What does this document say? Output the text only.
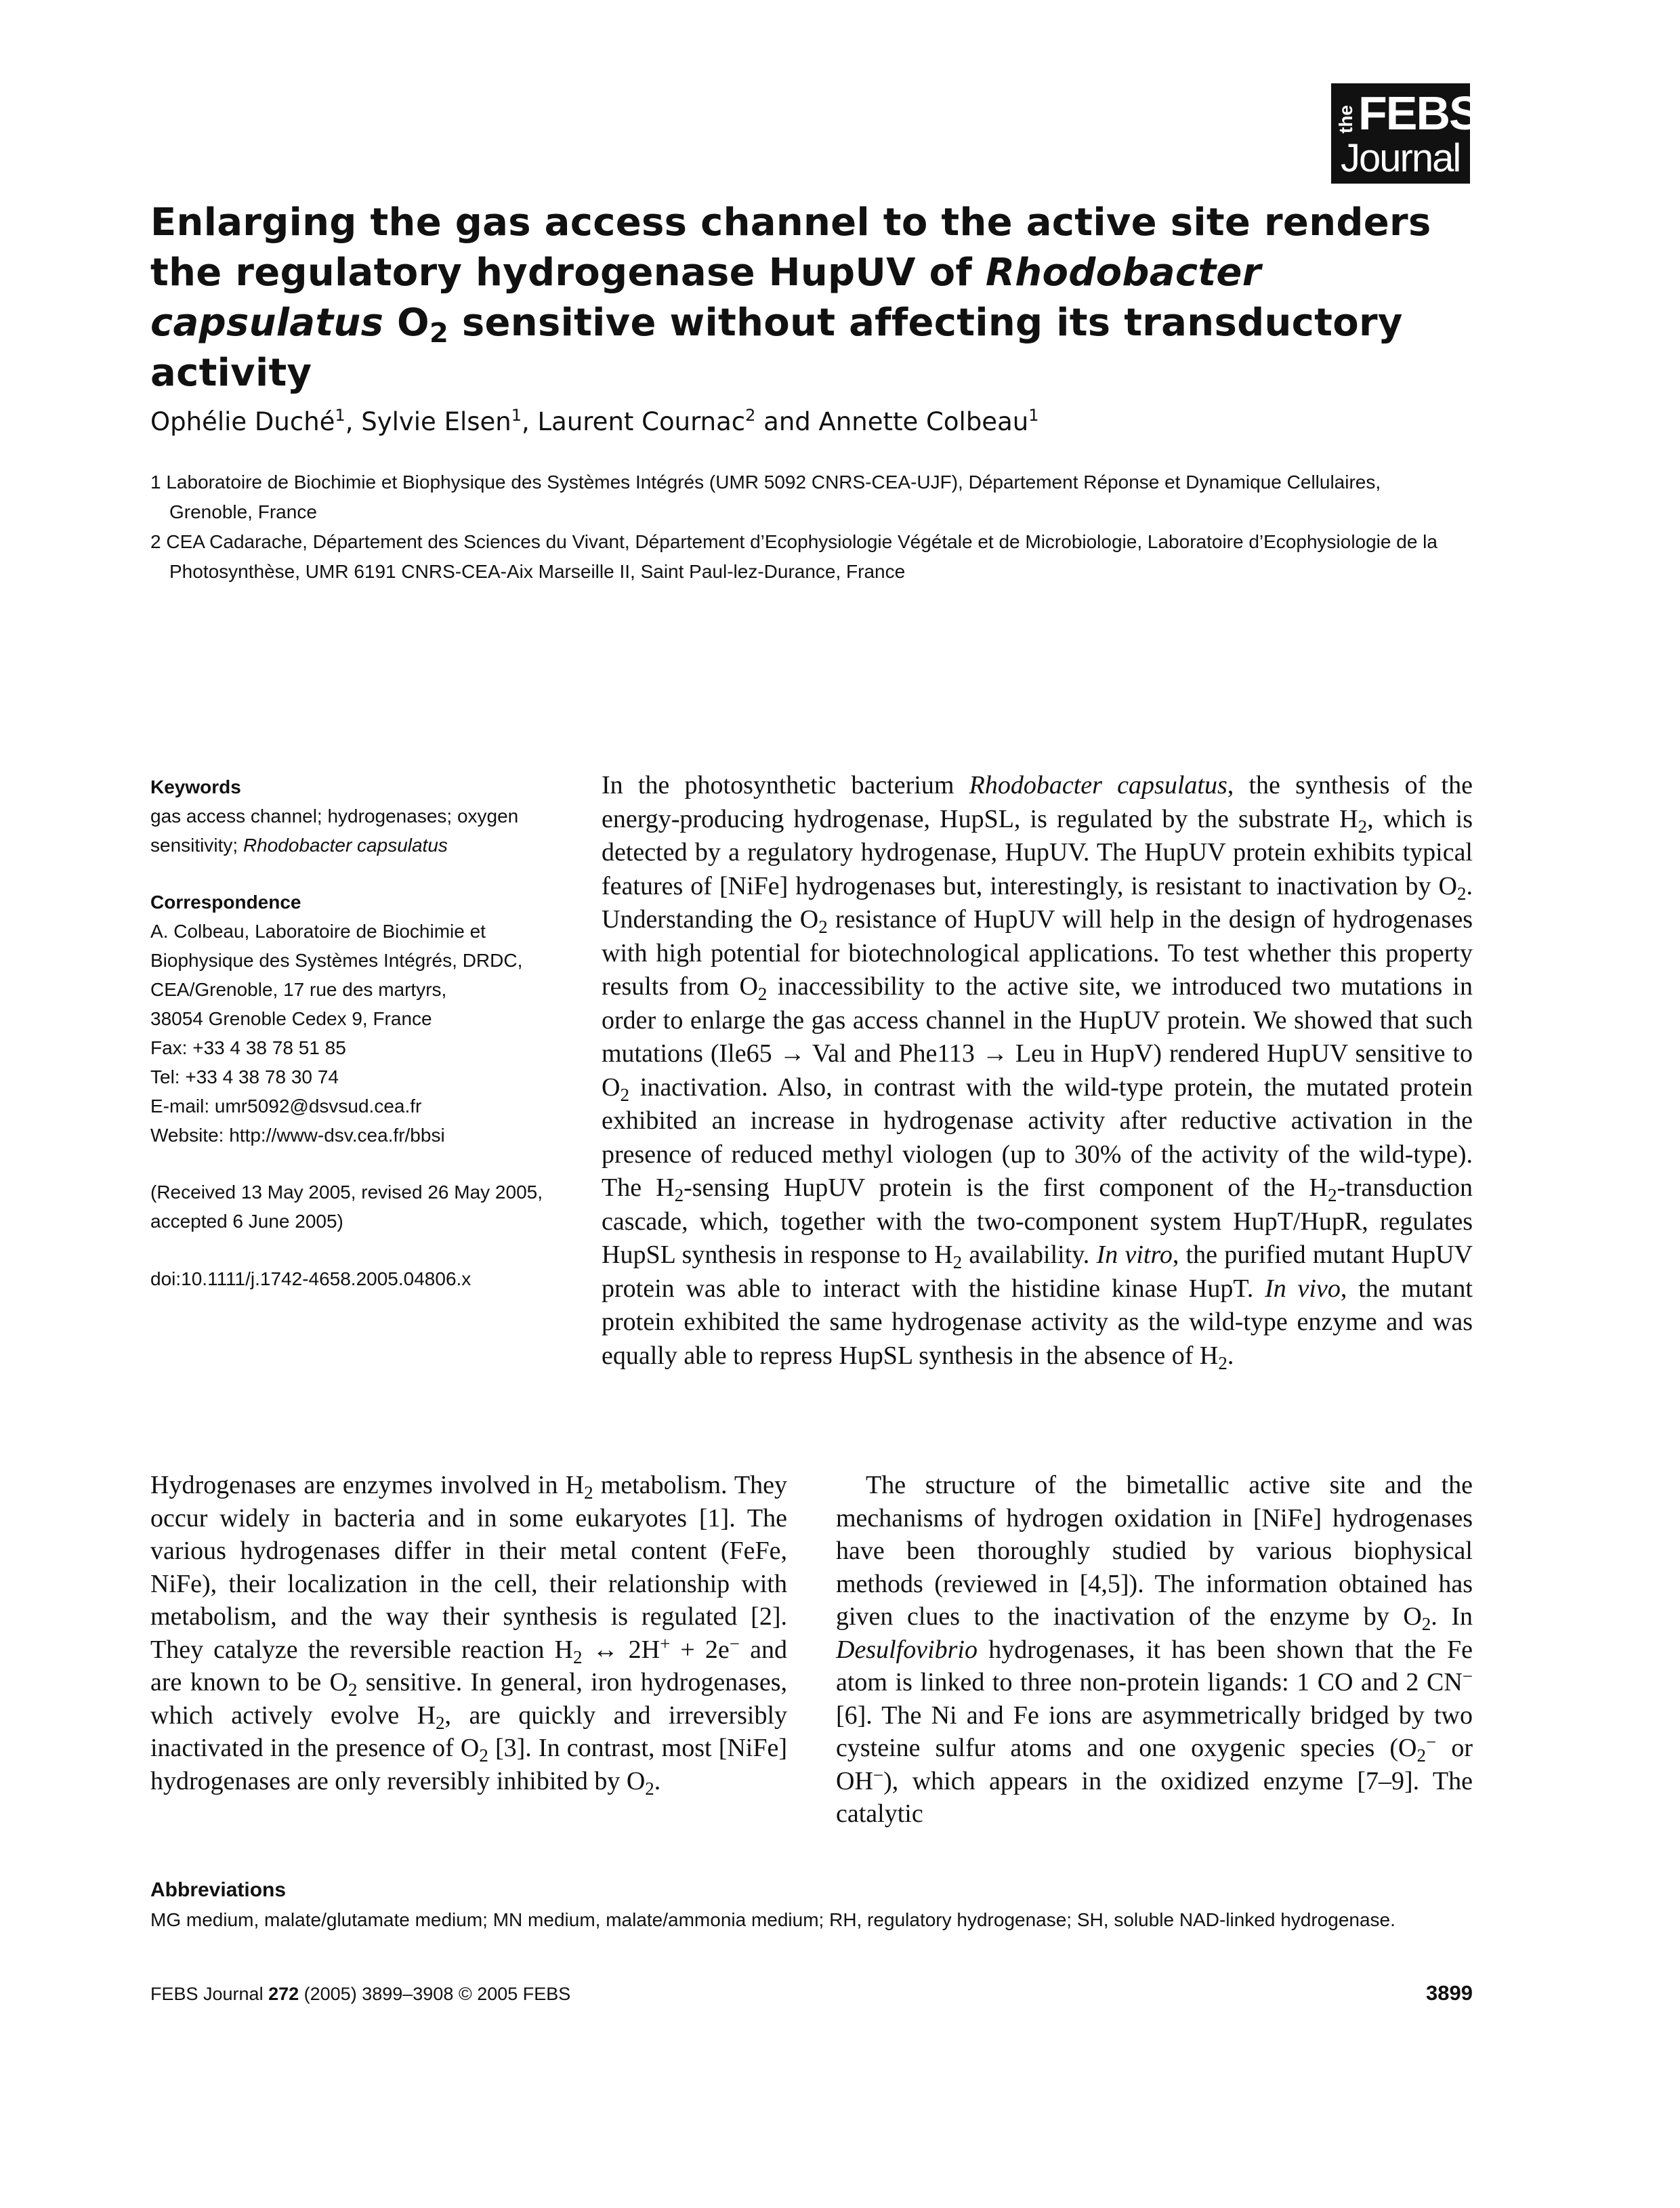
the FEBS
Journal
Enlarging the gas access channel to the active site renders the regulatory hydrogenase HupUV of Rhodobacter capsulatus $O_2$ sensitive without affecting its transductory activity
Ophélie Duché$^1$, Sylvie Elsen$^1$, Laurent Cournac$^2$ and Annette Colbeau$^1$
1 Laboratoire de Biochimie et Biophysique des Systèmes Intégrés (UMR 5092 CNRS-CEA-UJF), Département Réponse et Dynamique Cellulaires, Grenoble, France
2 CEA Cadarache, Département des Sciences du Vivant, Département d’Ecophysiologie Végétale et de Microbiologie, Laboratoire d’Ecophysiologie de la Photosynthèse, UMR 6191 CNRS-CEA-Aix Marseille II, Saint Paul-lez-Durance, France
Keywords
gas access channel; hydrogenases; oxygen sensitivity; Rhodobacter capsulatus
Correspondence
A. Colbeau, Laboratoire de Biochimie et
Biophysique des Systèmes Intégrés, DRDC,
CEA/Grenoble, 17 rue des martyrs,
38054 Grenoble Cedex 9, France
Fax: +33 4 38 78 51 85
Tel: +33 4 38 78 30 74
E-mail: umr5092@dsvsud.cea.fr
Website: http://www-dsv.cea.fr/bbsi
(Received 13 May 2005, revised 26 May 2005, accepted 6 June 2005)
doi:10.1111/j.1742-4658.2005.04806.x
In the photosynthetic bacterium Rhodobacter capsulatus, the synthesis of the energy-producing hydrogenase, HupSL, is regulated by the substrate $H_2$, which is detected by a regulatory hydrogenase, HupUV. The HupUV protein exhibits typical features of [NiFe] hydrogenases but, interestingly, is resistant to inactivation by $O_2$. Understanding the $O_2$ resistance of HupUV will help in the design of hydrogenases with high potential for biotechnological applications. To test whether this property results from $O_2$ inaccessibility to the active site, we introduced two mutations in order to enlarge the gas access channel in the HupUV protein. We showed that such mutations (Ile65 → Val and Phe113 → Leu in HupV) rendered HupUV sensitive to $O_2$ inactivation. Also, in contrast with the wild-type protein, the mutated protein exhibited an increase in hydrogenase activity after reductive activation in the presence of reduced methyl viologen (up to 30% of the activity of the wild-type). The $H_2$-sensing HupUV protein is the first component of the $H_2$-transduction cascade, which, together with the two-component system HupT/HupR, regulates HupSL synthesis in response to $H_2$ availability. In vitro, the purified mutant HupUV protein was able to interact with the histidine kinase HupT. In vivo, the mutant protein exhibited the same hydrogenase activity as the wild-type enzyme and was equally able to repress HupSL synthesis in the absence of $H_2$.
Hydrogenases are enzymes involved in $H_2$ metabolism. They occur widely in bacteria and in some eukaryotes [1]. The various hydrogenases differ in their metal content (FeFe, NiFe), their localization in the cell, their relationship with metabolism, and the way their synthesis is regulated [2]. They catalyze the reversible reaction $H_2$ ↔ 2H+ + 2e− and are known to be $O_2$ sensitive. In general, iron hydrogenases, which actively evolve $H_2$, are quickly and irreversibly inactivated in the presence of $O_2$ [3]. In contrast, most [NiFe] hydrogenases are only reversibly inhibited by $O_2$.
The structure of the bimetallic active site and the mechanisms of hydrogen oxidation in [NiFe] hydrogenases have been thoroughly studied by various biophysical methods (reviewed in [4,5]). The information obtained has given clues to the inactivation of the enzyme by $O_2$. In Desulfovibrio hydrogenases, it has been shown that the Fe atom is linked to three non-protein ligands: 1 CO and 2 CN− [6]. The Ni and Fe ions are asymmetrically bridged by two cysteine sulfur atoms and one oxygenic species ($O_2^-$ or OH−), which appears in the oxidized enzyme [7–9]. The catalytic
Abbreviations
MG medium, malate/glutamate medium; MN medium, malate/ammonia medium; RH, regulatory hydrogenase; SH, soluble NAD-linked hydrogenase.
FEBS Journal 272 (2005) 3899–3908 © 2005 FEBS	3899
